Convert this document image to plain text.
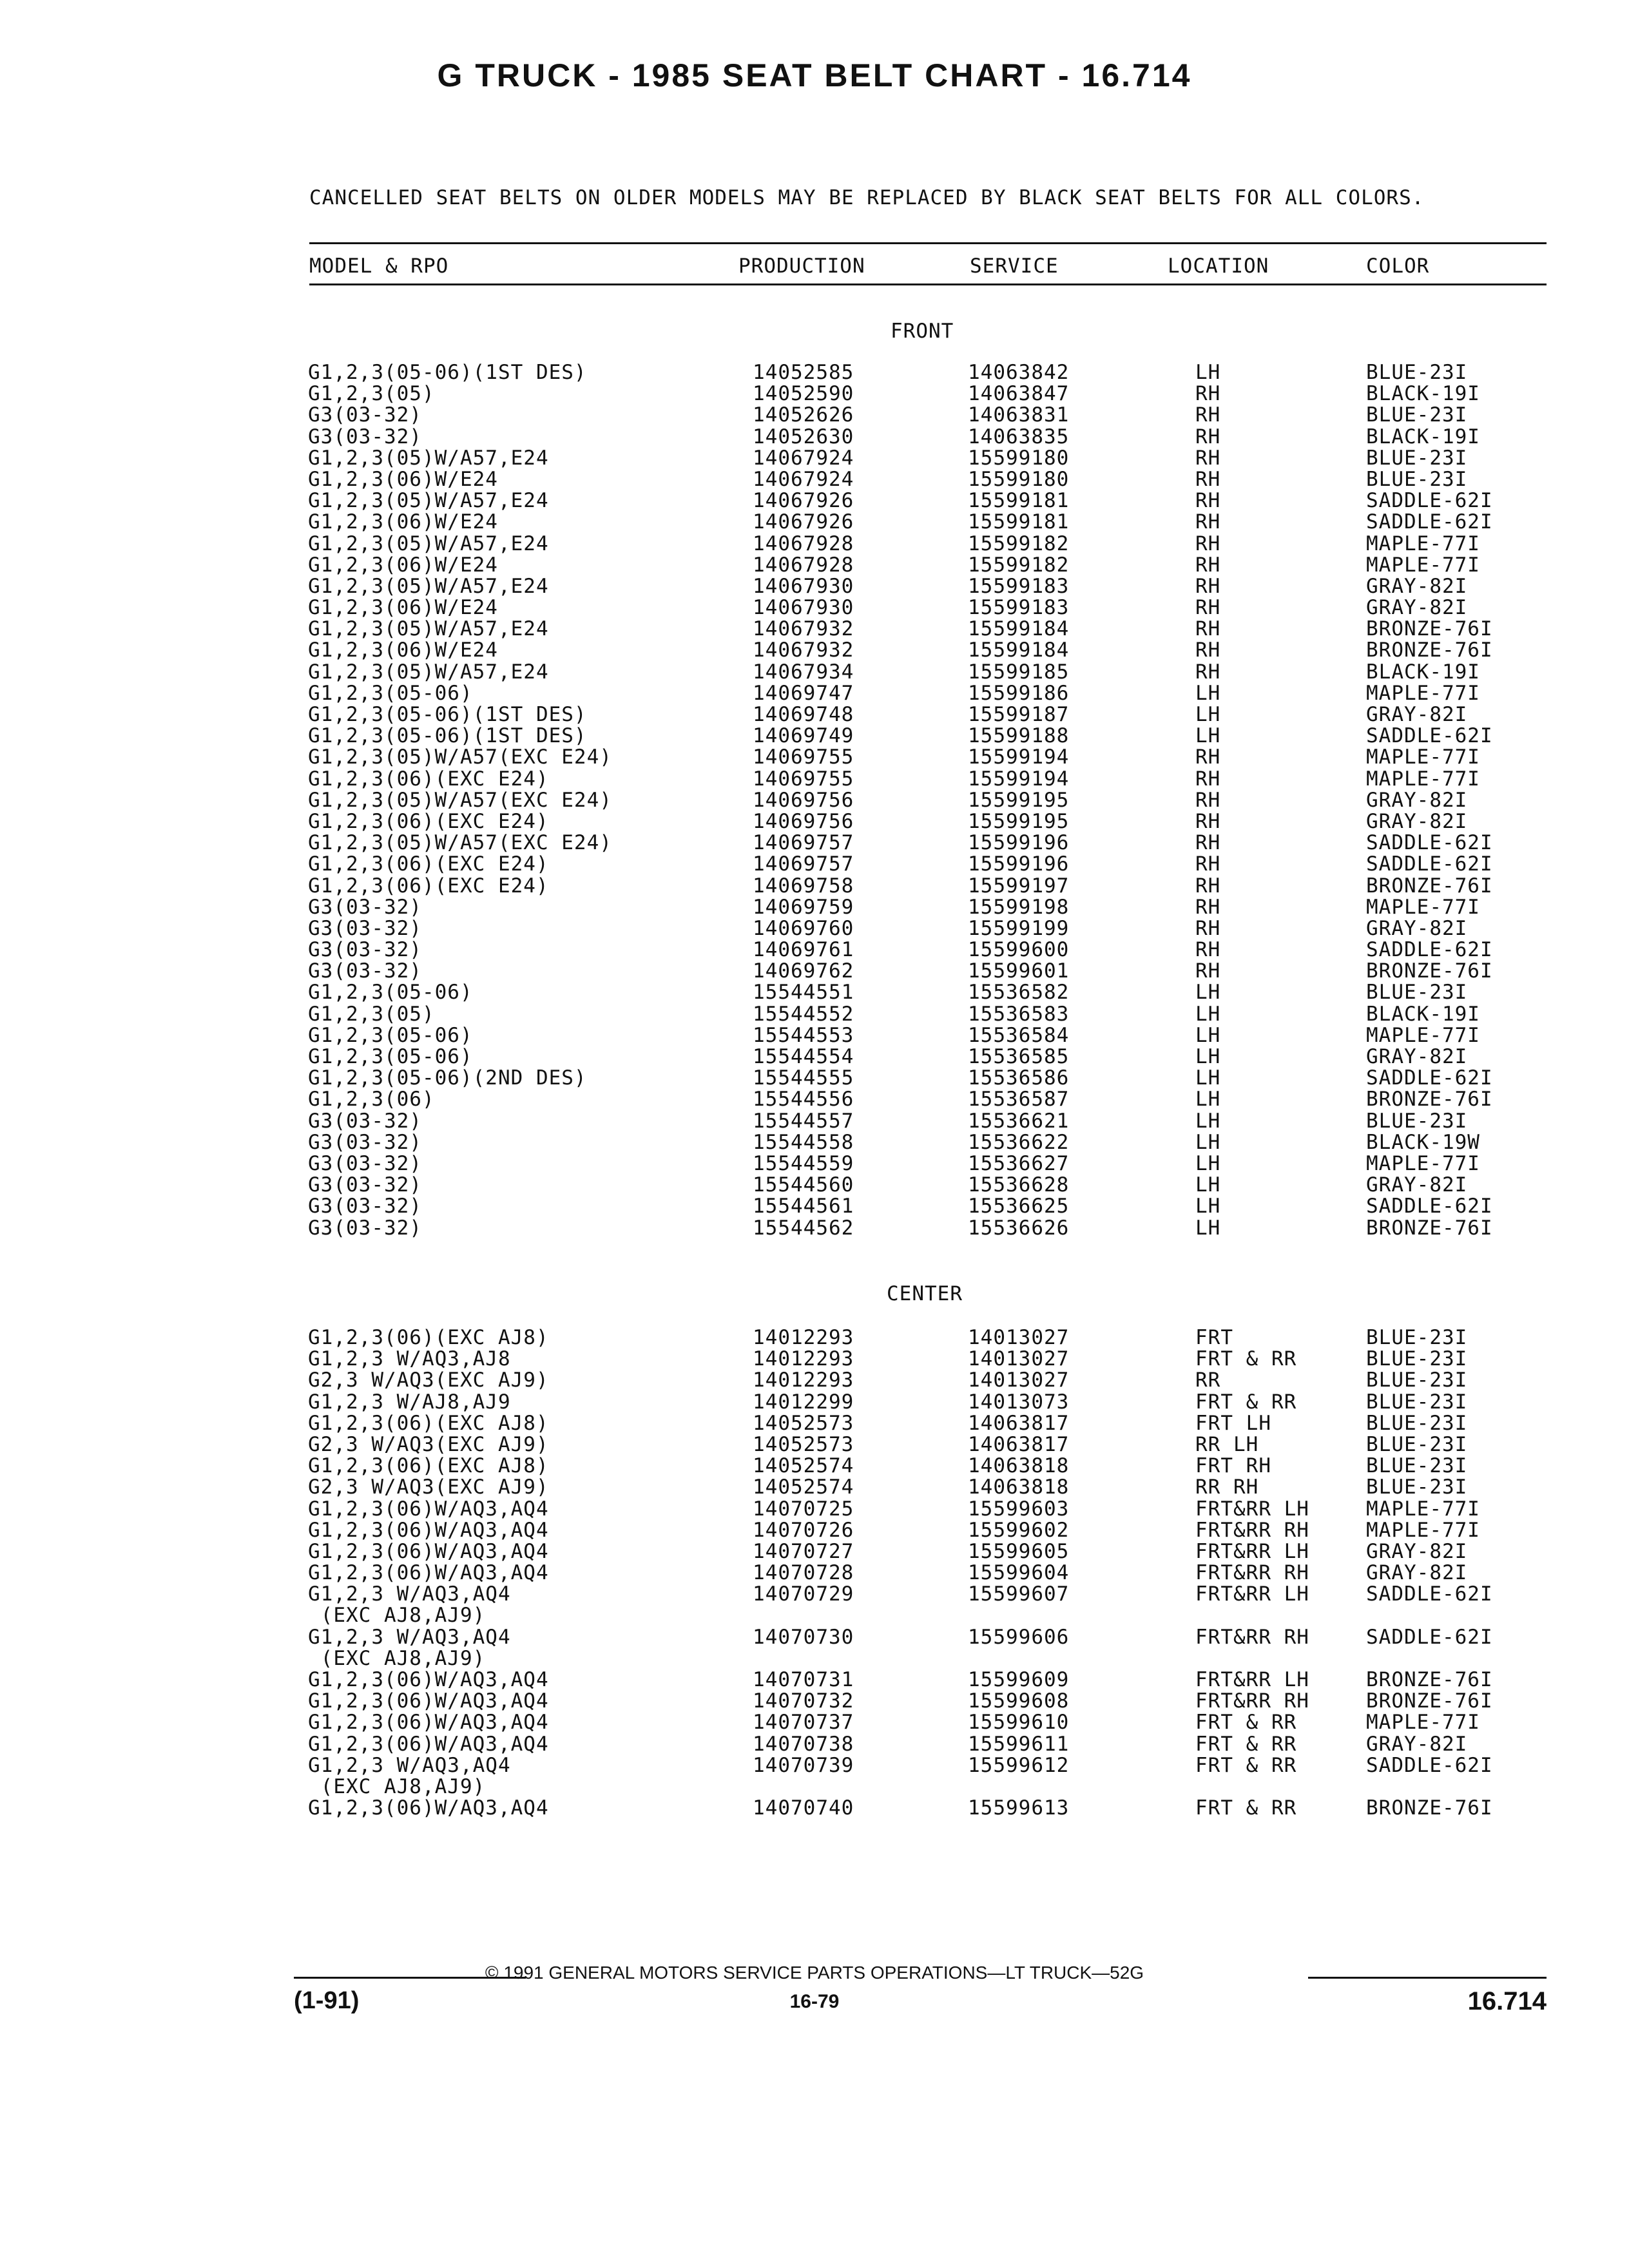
G TRUCK - 1985 SEAT BELT CHART - 16.714
CANCELLED SEAT BELTS ON OLDER MODELS MAY BE REPLACED BY BLACK SEAT BELTS FOR ALL COLORS.
MODEL & RPO	PRODUCTION	SERVICE	LOCATION	COLOR
FRONT
G1,2,3(05-06)(1ST DES)	14052585	14063842	LH	BLUE-23I
G1,2,3(05)	14052590	14063847	RH	BLACK-19I
G3(03-32)	14052626	14063831	RH	BLUE-23I
G3(03-32)	14052630	14063835	RH	BLACK-19I
G1,2,3(05)W/A57,E24	14067924	15599180	RH	BLUE-23I
G1,2,3(06)W/E24	14067924	15599180	RH	BLUE-23I
G1,2,3(05)W/A57,E24	14067926	15599181	RH	SADDLE-62I
G1,2,3(06)W/E24	14067926	15599181	RH	SADDLE-62I
G1,2,3(05)W/A57,E24	14067928	15599182	RH	MAPLE-77I
G1,2,3(06)W/E24	14067928	15599182	RH	MAPLE-77I
G1,2,3(05)W/A57,E24	14067930	15599183	RH	GRAY-82I
G1,2,3(06)W/E24	14067930	15599183	RH	GRAY-82I
G1,2,3(05)W/A57,E24	14067932	15599184	RH	BRONZE-76I
G1,2,3(06)W/E24	14067932	15599184	RH	BRONZE-76I
G1,2,3(05)W/A57,E24	14067934	15599185	RH	BLACK-19I
G1,2,3(05-06)	14069747	15599186	LH	MAPLE-77I
G1,2,3(05-06)(1ST DES)	14069748	15599187	LH	GRAY-82I
G1,2,3(05-06)(1ST DES)	14069749	15599188	LH	SADDLE-62I
G1,2,3(05)W/A57(EXC E24)	14069755	15599194	RH	MAPLE-77I
G1,2,3(06)(EXC E24)	14069755	15599194	RH	MAPLE-77I
G1,2,3(05)W/A57(EXC E24)	14069756	15599195	RH	GRAY-82I
G1,2,3(06)(EXC E24)	14069756	15599195	RH	GRAY-82I
G1,2,3(05)W/A57(EXC E24)	14069757	15599196	RH	SADDLE-62I
G1,2,3(06)(EXC E24)	14069757	15599196	RH	SADDLE-62I
G1,2,3(06)(EXC E24)	14069758	15599197	RH	BRONZE-76I
G3(03-32)	14069759	15599198	RH	MAPLE-77I
G3(03-32)	14069760	15599199	RH	GRAY-82I
G3(03-32)	14069761	15599600	RH	SADDLE-62I
G3(03-32)	14069762	15599601	RH	BRONZE-76I
G1,2,3(05-06)	15544551	15536582	LH	BLUE-23I
G1,2,3(05)	15544552	15536583	LH	BLACK-19I
G1,2,3(05-06)	15544553	15536584	LH	MAPLE-77I
G1,2,3(05-06)	15544554	15536585	LH	GRAY-82I
G1,2,3(05-06)(2ND DES)	15544555	15536586	LH	SADDLE-62I
G1,2,3(06)	15544556	15536587	LH	BRONZE-76I
G3(03-32)	15544557	15536621	LH	BLUE-23I
G3(03-32)	15544558	15536622	LH	BLACK-19W
G3(03-32)	15544559	15536627	LH	MAPLE-77I
G3(03-32)	15544560	15536628	LH	GRAY-82I
G3(03-32)	15544561	15536625	LH	SADDLE-62I
G3(03-32)	15544562	15536626	LH	BRONZE-76I
CENTER
G1,2,3(06)(EXC AJ8)	14012293	14013027	FRT	BLUE-23I
G1,2,3 W/AQ3,AJ8	14012293	14013027	FRT & RR	BLUE-23I
G2,3 W/AQ3(EXC AJ9)	14012293	14013027	RR	BLUE-23I
G1,2,3 W/AJ8,AJ9	14012299	14013073	FRT & RR	BLUE-23I
G1,2,3(06)(EXC AJ8)	14052573	14063817	FRT LH	BLUE-23I
G2,3 W/AQ3(EXC AJ9)	14052573	14063817	RR LH	BLUE-23I
G1,2,3(06)(EXC AJ8)	14052574	14063818	FRT RH	BLUE-23I
G2,3 W/AQ3(EXC AJ9)	14052574	14063818	RR RH	BLUE-23I
G1,2,3(06)W/AQ3,AQ4	14070725	15599603	FRT&RR LH	MAPLE-77I
G1,2,3(06)W/AQ3,AQ4	14070726	15599602	FRT&RR RH	MAPLE-77I
G1,2,3(06)W/AQ3,AQ4	14070727	15599605	FRT&RR LH	GRAY-82I
G1,2,3(06)W/AQ3,AQ4	14070728	15599604	FRT&RR RH	GRAY-82I
G1,2,3 W/AQ3,AQ4	14070729	15599607	FRT&RR LH	SADDLE-62I
(EXC AJ8,AJ9)
G1,2,3 W/AQ3,AQ4	14070730	15599606	FRT&RR RH	SADDLE-62I
(EXC AJ8,AJ9)
G1,2,3(06)W/AQ3,AQ4	14070731	15599609	FRT&RR LH	BRONZE-76I
G1,2,3(06)W/AQ3,AQ4	14070732	15599608	FRT&RR RH	BRONZE-76I
G1,2,3(06)W/AQ3,AQ4	14070737	15599610	FRT & RR	MAPLE-77I
G1,2,3(06)W/AQ3,AQ4	14070738	15599611	FRT & RR	GRAY-82I
G1,2,3 W/AQ3,AQ4	14070739	15599612	FRT & RR	SADDLE-62I
(EXC AJ8,AJ9)
G1,2,3(06)W/AQ3,AQ4	14070740	15599613	FRT & RR	BRONZE-76I
© 1991 GENERAL MOTORS SERVICE PARTS OPERATIONS—LT TRUCK—52G
(1-91)	16-79	16.714
